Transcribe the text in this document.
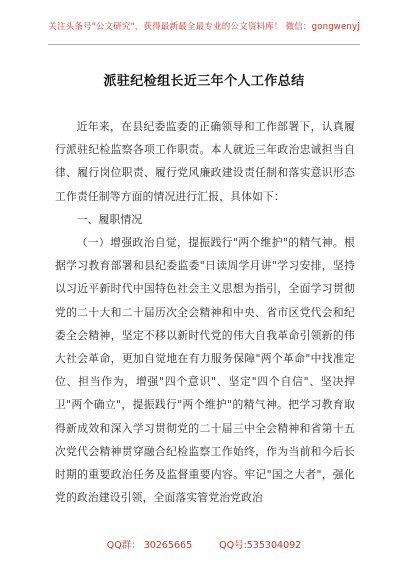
关注头条号"公文研究"，获得最新最全最专业的公文资料库！ 微信：gongwenyj
派驻纪检组长近三年个人工作总结

近年来，在县纪委监委的正确领导和工作部署下，认真履行派驻纪检监察各项工作职责。本人就近三年政治忠诚担当自律、履行岗位职责、履行党风廉政建设责任制和落实意识形态工作责任制等方面的情况进行汇报，具体如下：

一、履职情况

（一）增强政治自觉，提振践行"两个维护"的精气神。根据学习教育部署和县纪委监委"日读周学月讲"学习安排，坚持以习近平新时代中国特色社会主义思想为指引，全面学习贯彻党的二十大和二十届历次全会精神和中央、省市区党代会和纪委全会精神，坚定不移以新时代党的伟大自我革命引领新的伟大社会革命，更加自觉地在有力服务保障"两个革命"中找准定位、担当作为，增强"四个意识"、坚定"四个自信"、坚决捍卫"两个确立"，提振践行"两个维护"的精气神。把学习教育取得新成效和深入学习贯彻党的二十届三中全会精神和省第十五次党代会精神贯穿融合纪检监察工作始终，作为当前和今后长时期的重要政治任务及监督重要内容。牢记"国之大者"，强化党的政治建设引领，全面落实管党治党政治

QQ群： 30265665	QQ号:535304092
